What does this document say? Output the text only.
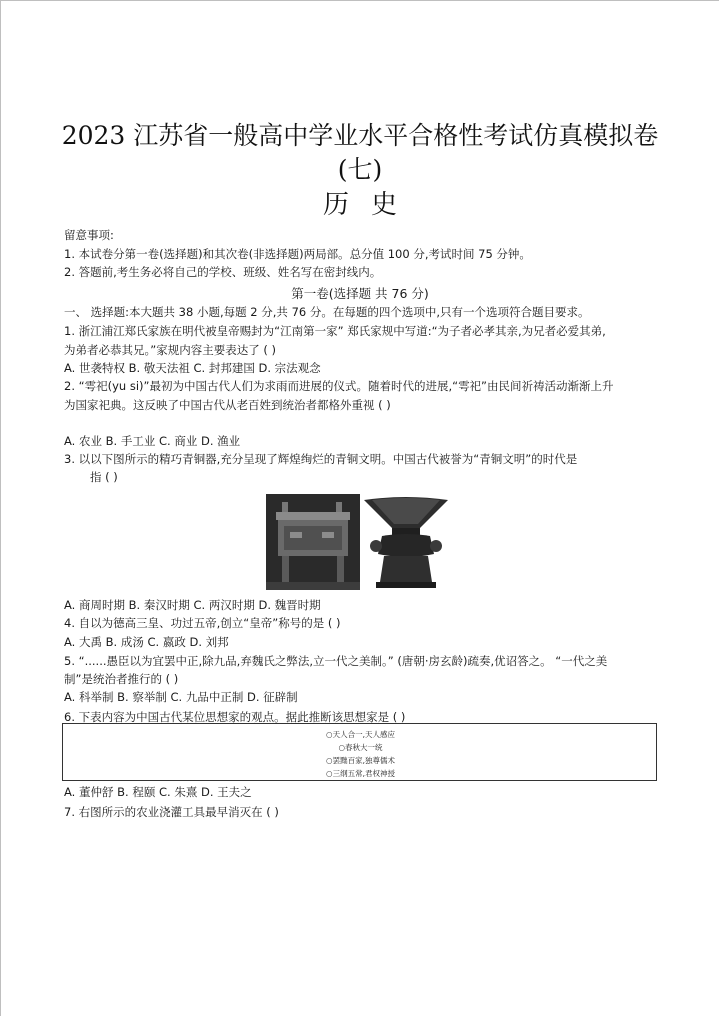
2023 江苏省一般高中学业水平合格性考试仿真模拟卷
(七)
历史
留意事项:
1. 本试卷分第一卷(选择题)和其次卷(非选择题)两局部。总分值 100 分,考试时间 75 分钟。
2. 答题前,考生务必将自己的学校、班级、姓名写在密封线内。
第一卷(选择题 共 76 分)
一、 选择题:本大题共 38 小题,每题 2 分,共 76 分。在每题的四个选项中,只有一个选项符合题目要求。
1. 浙江浦江郑氏家族在明代被皇帝赐封为“江南第一家” 郑氏家规中写道:“为子者必孝其亲,为兄者必爱其弟,
为弟者必恭其兄。”家规内容主要表达了 ( )
A. 世袭特权 B. 敬天法祖 C. 封邦建国 D. 宗法观念
2. “雩祀(yu si)”最初为中国古代人们为求雨而进展的仪式。随着时代的进展,“雩祀”由民间祈祷活动渐渐上升
为国家祀典。这反映了中国古代从老百姓到统治者都格外重视 ( )
A. 农业 B. 手工业 C. 商业 D. 渔业
3. 以以下图所示的精巧青铜器,充分呈现了辉煌绚烂的青铜文明。中国古代被誉为“青铜文明”的时代是
指 ( )
A. 商周时期 B. 秦汉时期 C. 两汉时期 D. 魏晋时期
4. 自以为德高三皇、功过五帝,创立“皇帝”称号的是 ( )
A. 大禹 B. 成汤 C. 嬴政 D. 刘邦
5. “......愚臣以为宜罢中正,除九品,弃魏氏之弊法,立一代之美制。” (唐朝·房玄龄)疏奏,优诏答之。 “一代之美
制”是统治者推行的 ( )
A. 科举制 B. 察举制 C. 九品中正制 D. 征辟制
6. 下表内容为中国古代某位思想家的观点。据此推断该思想家是 ( )
○天人合一,天人感应
○春秋大一统
○罢黜百家,独尊儒术
○三纲五常,君权神授
A. 董仲舒 B. 程颐 C. 朱熹 D. 王夫之
7. 右图所示的农业浇灌工具最早消灭在 ( )
